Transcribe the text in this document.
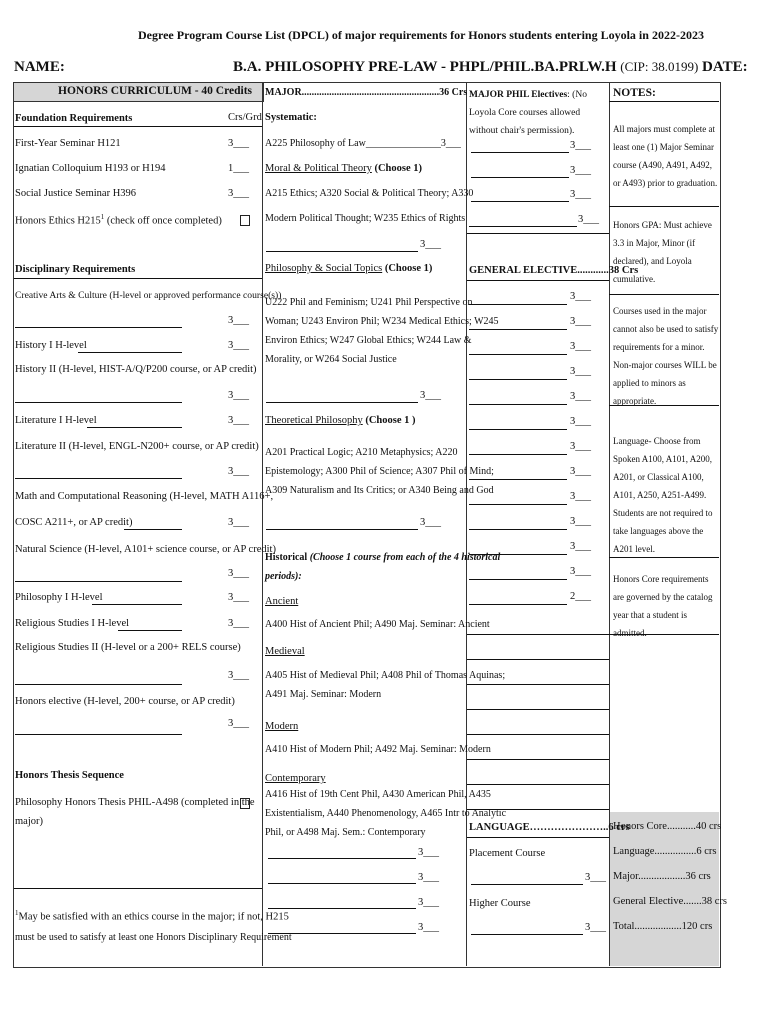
Degree Program Course List (DPCL) of major requirements for Honors students entering Loyola in 2022-2023
NAME:	B.A. PHILOSOPHY PRE-LAW - PHPL/PHIL.BA.PRLW.H (CIP: 38.0199) DATE:
HONORS CURRICULUM - 40 Credits
Foundation Requirements	Crs/Grd
First-Year Seminar H121	3___
Ignatian Colloquium H193 or H194	1___
Social Justice Seminar H396	3___
Honors Ethics $H215^1$ (check off once completed)
Disciplinary Requirements
Creative Arts & Culture (H-level or approved performance course(s))
3___
History I H-level	3___
History II (H-level, HIST-A/Q/P200 course, or AP credit)
3___
Literature I H-level	3___
Literature II (H-level, ENGL-N200+ course, or AP credit)
3___
Math and Computational Reasoning (H-level, MATH A116+,
COSC A211+, or AP credit)	3___
Natural Science (H-level, A101+ science course, or AP credit)
3___
Philosophy I H-level	3___
Religious Studies I H-level	3___
Religious Studies II (H-level or a 200+ RELS course)
3___
Honors elective (H-level, 200+ course, or AP credit)
3___
Honors Thesis Sequence
Philosophy Honors Thesis PHIL-A498 (completed in the
major)
$^1$May be satisfied with an ethics course in the major; if not, H215
must be used to satisfy at least one Honors Disciplinary Requirement
MAJOR.......................................................36 Crs
Systematic:
A225 Philosophy of Law_______________3___
Moral & Political Theory (Choose 1)
A215 Ethics; A320 Social & Political Theory; A330
Modern Political Thought; W235 Ethics of Rights
3___
Philosophy & Social Topics (Choose 1)
U222 Phil and Feminism; U241 Phil Perspective on
Woman; U243 Environ Phil; W234 Medical Ethics; W245
Environ Ethics; W247 Global Ethics; W244 Law &
Morality, or W264 Social Justice
3___
Theoretical Philosophy (Choose 1 )
A201 Practical Logic; A210 Metaphysics; A220
Epistemology; A300 Phil of Science; A307 Phil of Mind;
A309 Naturalism and Its Critics; or A340 Being and God
3___
Historical (Choose 1 course from each of the 4 historical
periods):
Ancient
A400 Hist of Ancient Phil; A490 Maj. Seminar: Ancient
Medieval
A405 Hist of Medieval Phil; A408 Phil of Thomas Aquinas;
A491 Maj. Seminar: Modern
Modern
A410 Hist of Modern Phil; A492 Maj. Seminar: Modern
Contemporary
A416 Hist of 19th Cent Phil, A430 American Phil, A435
Existentialism, A440 Phenomenology, A465 Intr to Analytic
Phil, or A498 Maj. Sem.: Contemporary
3___
3___
3___
3___
MAJOR PHIL Electives: (No Loyola Core courses allowed without chair's permission).
3___
3___
3___
3___
GENERAL ELECTIVE............38 Crs
3___
3___
3___
3___
3___
3___
3___
3___
3___
3___
3___
3___
2___
LANGUAGE…………………..6 crs
Placement Course
3___
Higher Course
3___
NOTES:
All majors must complete at least one (1) Major Seminar course (A490, A491, A492, or A493) prior to graduation.
Honors GPA: Must achieve 3.3 in Major, Minor (if declared), and Loyola cumulative.
Courses used in the major cannot also be used to satisfy requirements for a minor. Non-major courses WILL be applied to minors as appropriate.
Language- Choose from Spoken A100, A101, A200, A201, or Classical A100, A101, A250, A251-A499. Students are not required to take languages above the A201 level.
Honors Core requirements are governed by the catalog year that a student is admitted.
Honors Core...........40 crs
Language................6 crs
Major..................36 crs
General Elective.......38 crs
Total..................120 crs
